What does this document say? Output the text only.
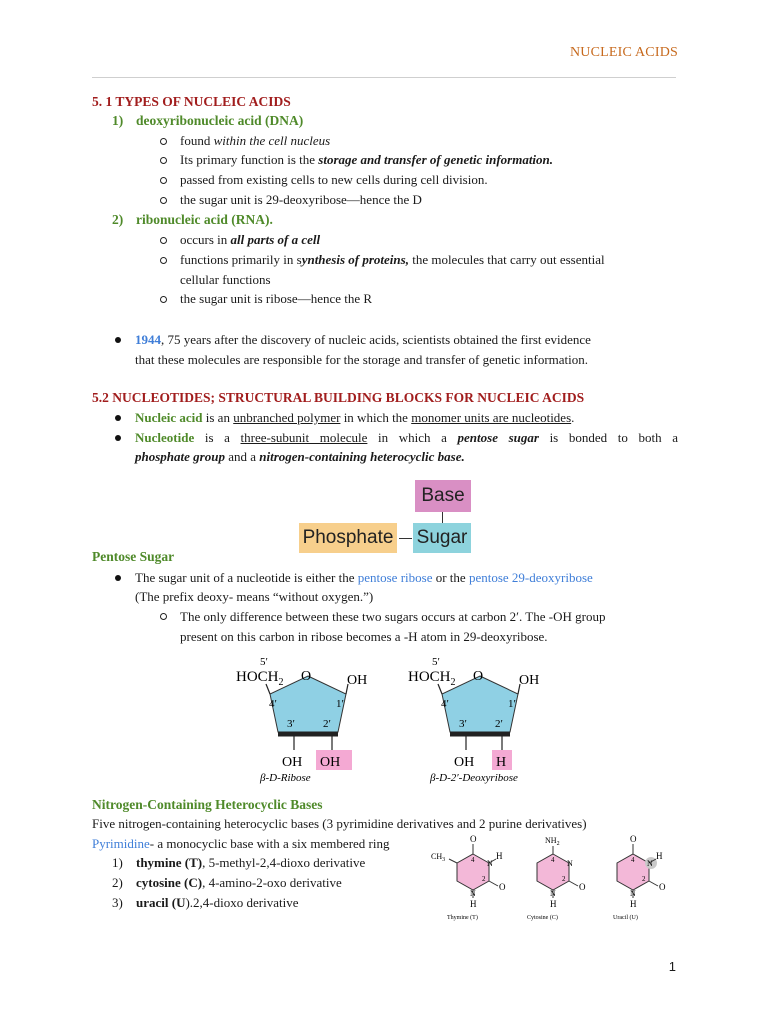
NUCLEIC ACIDS
5. 1 TYPES OF NUCLEIC ACIDS
1) deoxyribonucleic acid (DNA)
found within the cell nucleus
Its primary function is the storage and transfer of genetic information.
passed from existing cells to new cells during cell division.
the sugar unit is 29-deoxyribose—hence the D
2) ribonucleic acid (RNA).
occurs in all parts of a cell
functions primarily in synthesis of proteins, the molecules that carry out essential
cellular functions
the sugar unit is ribose—hence the R
1944, 75 years after the discovery of nucleic acids, scientists obtained the first evidence
that these molecules are responsible for the storage and transfer of genetic information.
5.2 NUCLEOTIDES; STRUCTURAL BUILDING BLOCKS FOR NUCLEIC ACIDS
Nucleic acid is an unbranched polymer in which the monomer units are nucleotides.
Nucleotide is a three-subunit molecule in which a pentose sugar is bonded to both a
phosphate group and a nitrogen-containing heterocyclic base.
Base
Phosphate Sugar
Pentose Sugar
The sugar unit of a nucleotide is either the pentose ribose or the pentose 29-deoxyribose
(The prefix deoxy- means “without oxygen.”)
The only difference between these two sugars occurs at carbon 2′. The -OH group
present on this carbon in ribose becomes a -H atom in 29-deoxyribose.
5′
$HOCH_2$ O	OH
4′	1′
3′	2′
OH OH
β-D-Ribose
5′
$HOCH_2$ O	OH
4′	1′
3′	2′
OH H
β-D-2′-Deoxyribose
Nitrogen-Containing Heterocyclic Bases
Five nitrogen-containing heterocyclic bases (3 pyrimidine derivatives and 2 purine derivatives)
Pyrimidine- a monocyclic base with a six membered ring
1) thymine (T), 5-methyl-2,4-dioxo derivative
2) cytosine (C), 4-amino-2-oxo derivative
3) uracil (U).2,4-dioxo derivative
O
O
H
H
N
N
$CH_3$	4
2
Thymine (T)
$NH_2$
O
H
N
N
4
2
Cytosine (C)
O
O
H
H
N
N
4
2
Uracil (U)
1
